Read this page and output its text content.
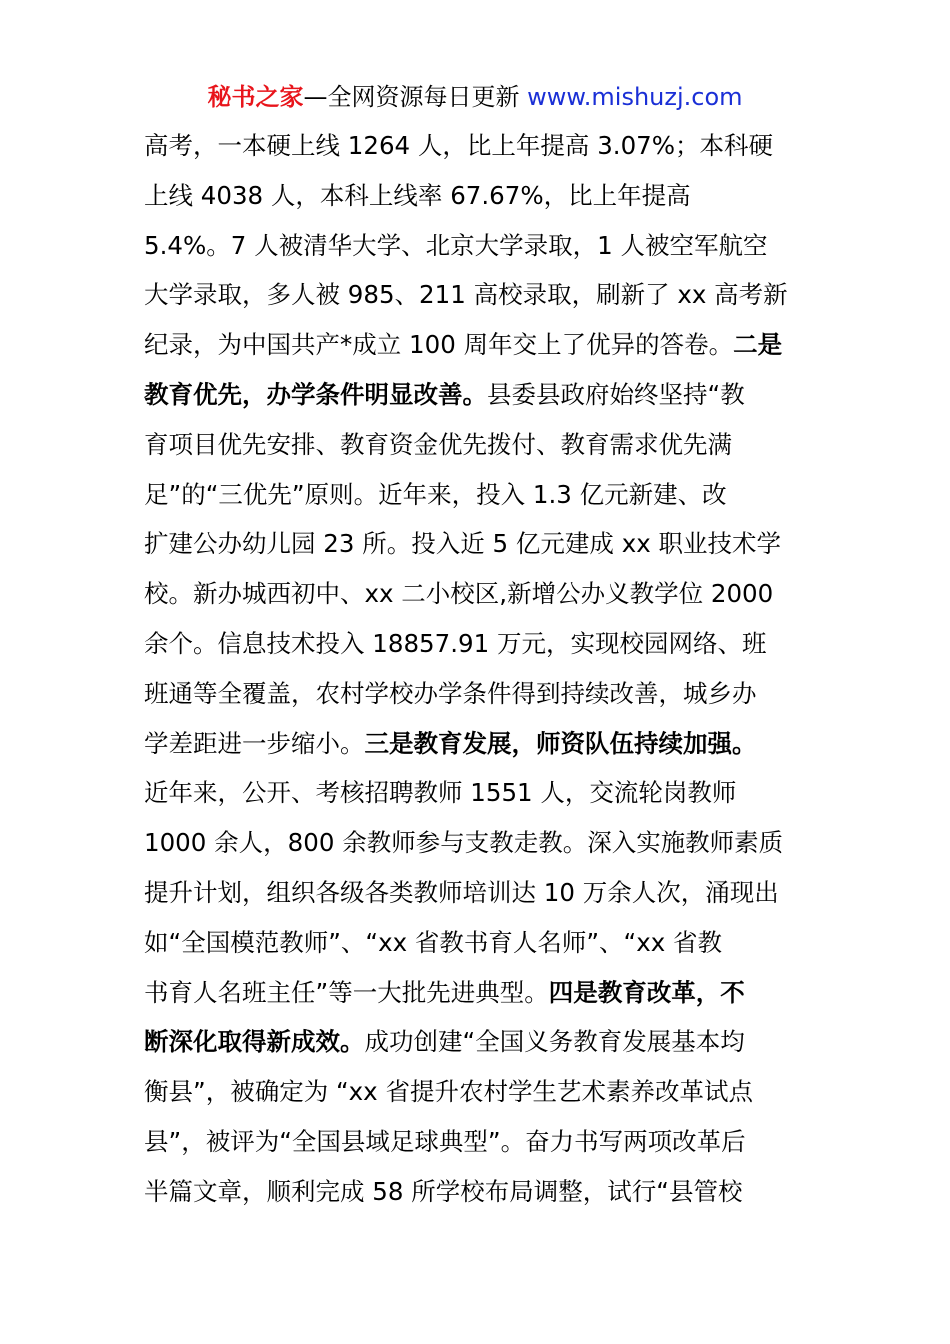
秘书之家—全网资源每日更新 www.mishuzj.com
高考，一本硬上线 1264 人，比上年提高 3.07%；本科硬
上线 4038 人，本科上线率 67.67%，比上年提高
5.4%。7 人被清华大学、北京大学录取，1 人被空军航空
大学录取，多人被 985、211 高校录取，刷新了 xx 高考新
纪录，为中国共产*成立 100 周年交上了优异的答卷。二是
教育优先，办学条件明显改善。县委县政府始终坚持“教
育项目优先安排、教育资金优先拨付、教育需求优先满
足”的“三优先”原则。近年来，投入 1.3 亿元新建、改
扩建公办幼儿园 23 所。投入近 5 亿元建成 xx 职业技术学
校。新办城西初中、xx 二小校区,新增公办义教学位 2000
余个。信息技术投入 18857.91 万元，实现校园网络、班
班通等全覆盖，农村学校办学条件得到持续改善，城乡办
学差距进一步缩小。三是教育发展，师资队伍持续加强。
近年来，公开、考核招聘教师 1551 人，交流轮岗教师
1000 余人，800 余教师参与支教走教。深入实施教师素质
提升计划，组织各级各类教师培训达 10 万余人次，涌现出
如“全国模范教师”、“xx 省教书育人名师”、“xx 省教
书育人名班主任”等一大批先进典型。四是教育改革，不
断深化取得新成效。成功创建“全国义务教育发展基本均
衡县”，被确定为 “xx 省提升农村学生艺术素养改革试点
县”，被评为“全国县域足球典型”。奋力书写两项改革后
半篇文章，顺利完成 58 所学校布局调整，试行“县管校
